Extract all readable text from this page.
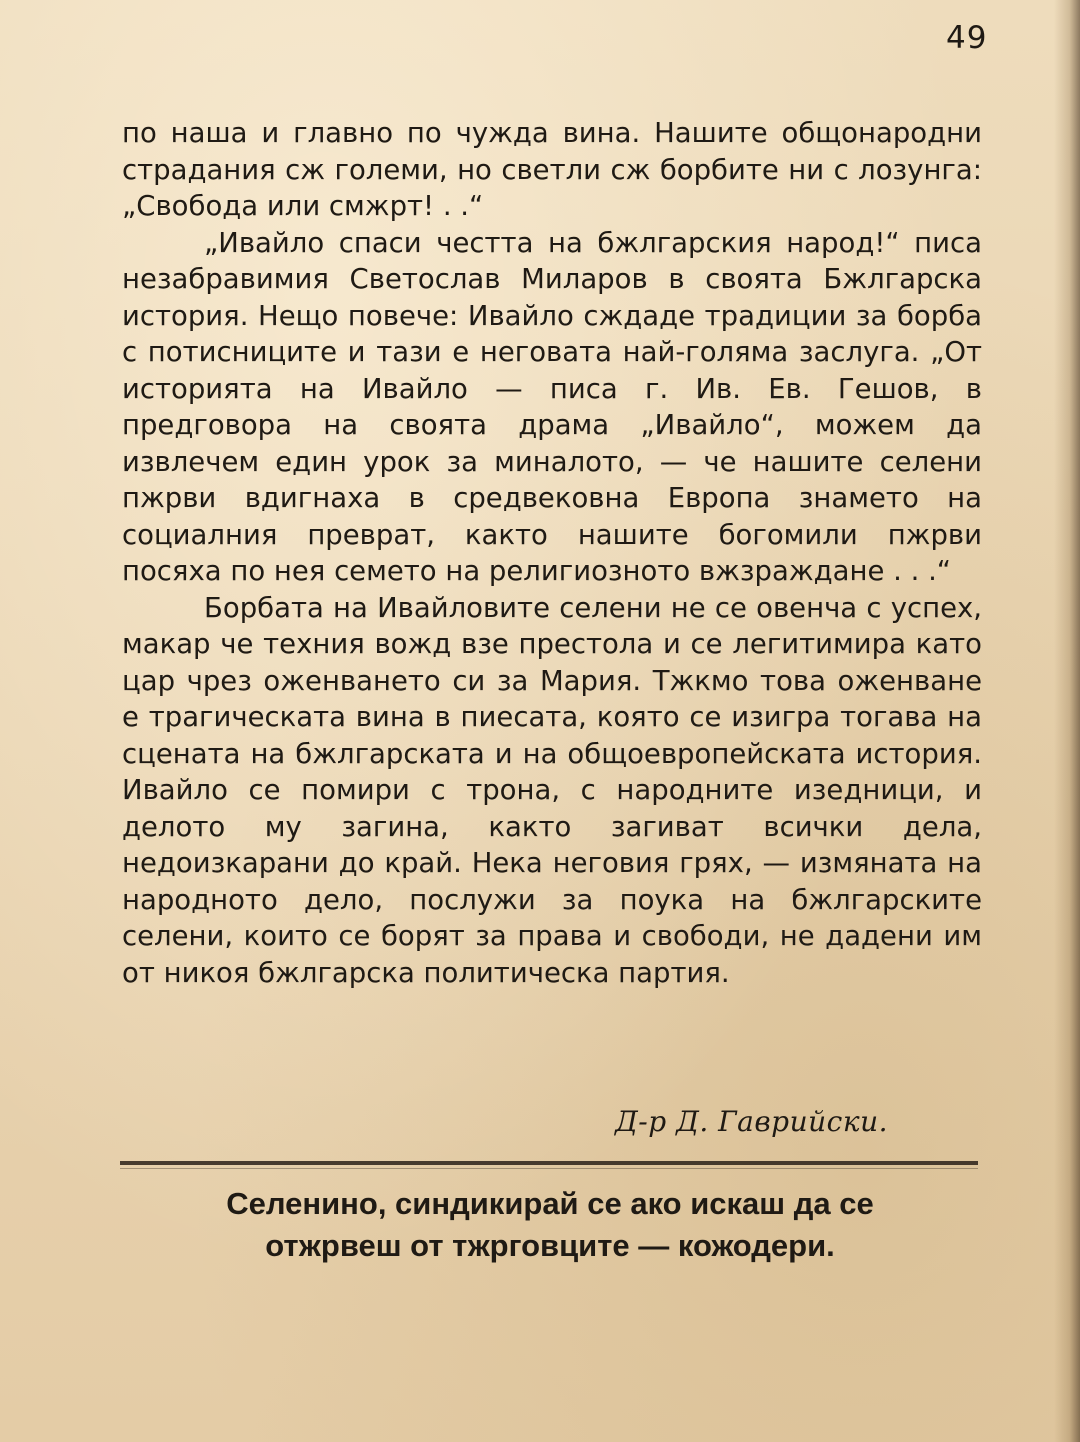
49

по наша и главно по чужда вина. Нашите общонародни страдания сж големи, но светли сж борбите ни с лозунга: „Свобода или смжрт! . .“

„Ивайло спаси честта на бжлгарския народ!“ писа незабравимия Светослав Миларов в своята Бжлгарска история. Нещо повече: Ивайло сждаде традиции за борба с потисниците и тази е неговата най-голяма заслуга. „От историята на Ивайло — писа г. Ив. Ев. Гешов, в предговора на своята драма „Ивайло“, можем да извлечем един урок за миналото, — че нашите селени пжрви вдигнаха в средвековна Европа знамето на социалния преврат, както нашите богомили пжрви посяха по нея семето на религиозното вжзраждане . . .“

Борбата на Ивайловите селени не се овенча с успех, макар че техния вожд взе престола и се легитимира като цар чрез оженването си за Мария. Тжкмо това оженване е трагическата вина в пиесата, която се изигра тогава на сцената на бжлгарската и на общоевропейската история. Ивайло се помири с трона, с народните изедници, и делото му загина, както загиват всички дела, недоизкарани до край. Нека неговия грях, — измяната на народното дело, послужи за поука на бжлгарските селени, които се борят за права и свободи, не дадени им от никоя бжлгарска политическа партия.

Д-р Д. Гаврийски.
Селенино, синдикирай се ако искаш да се
отжрвеш от тжрговците — кожодери.
